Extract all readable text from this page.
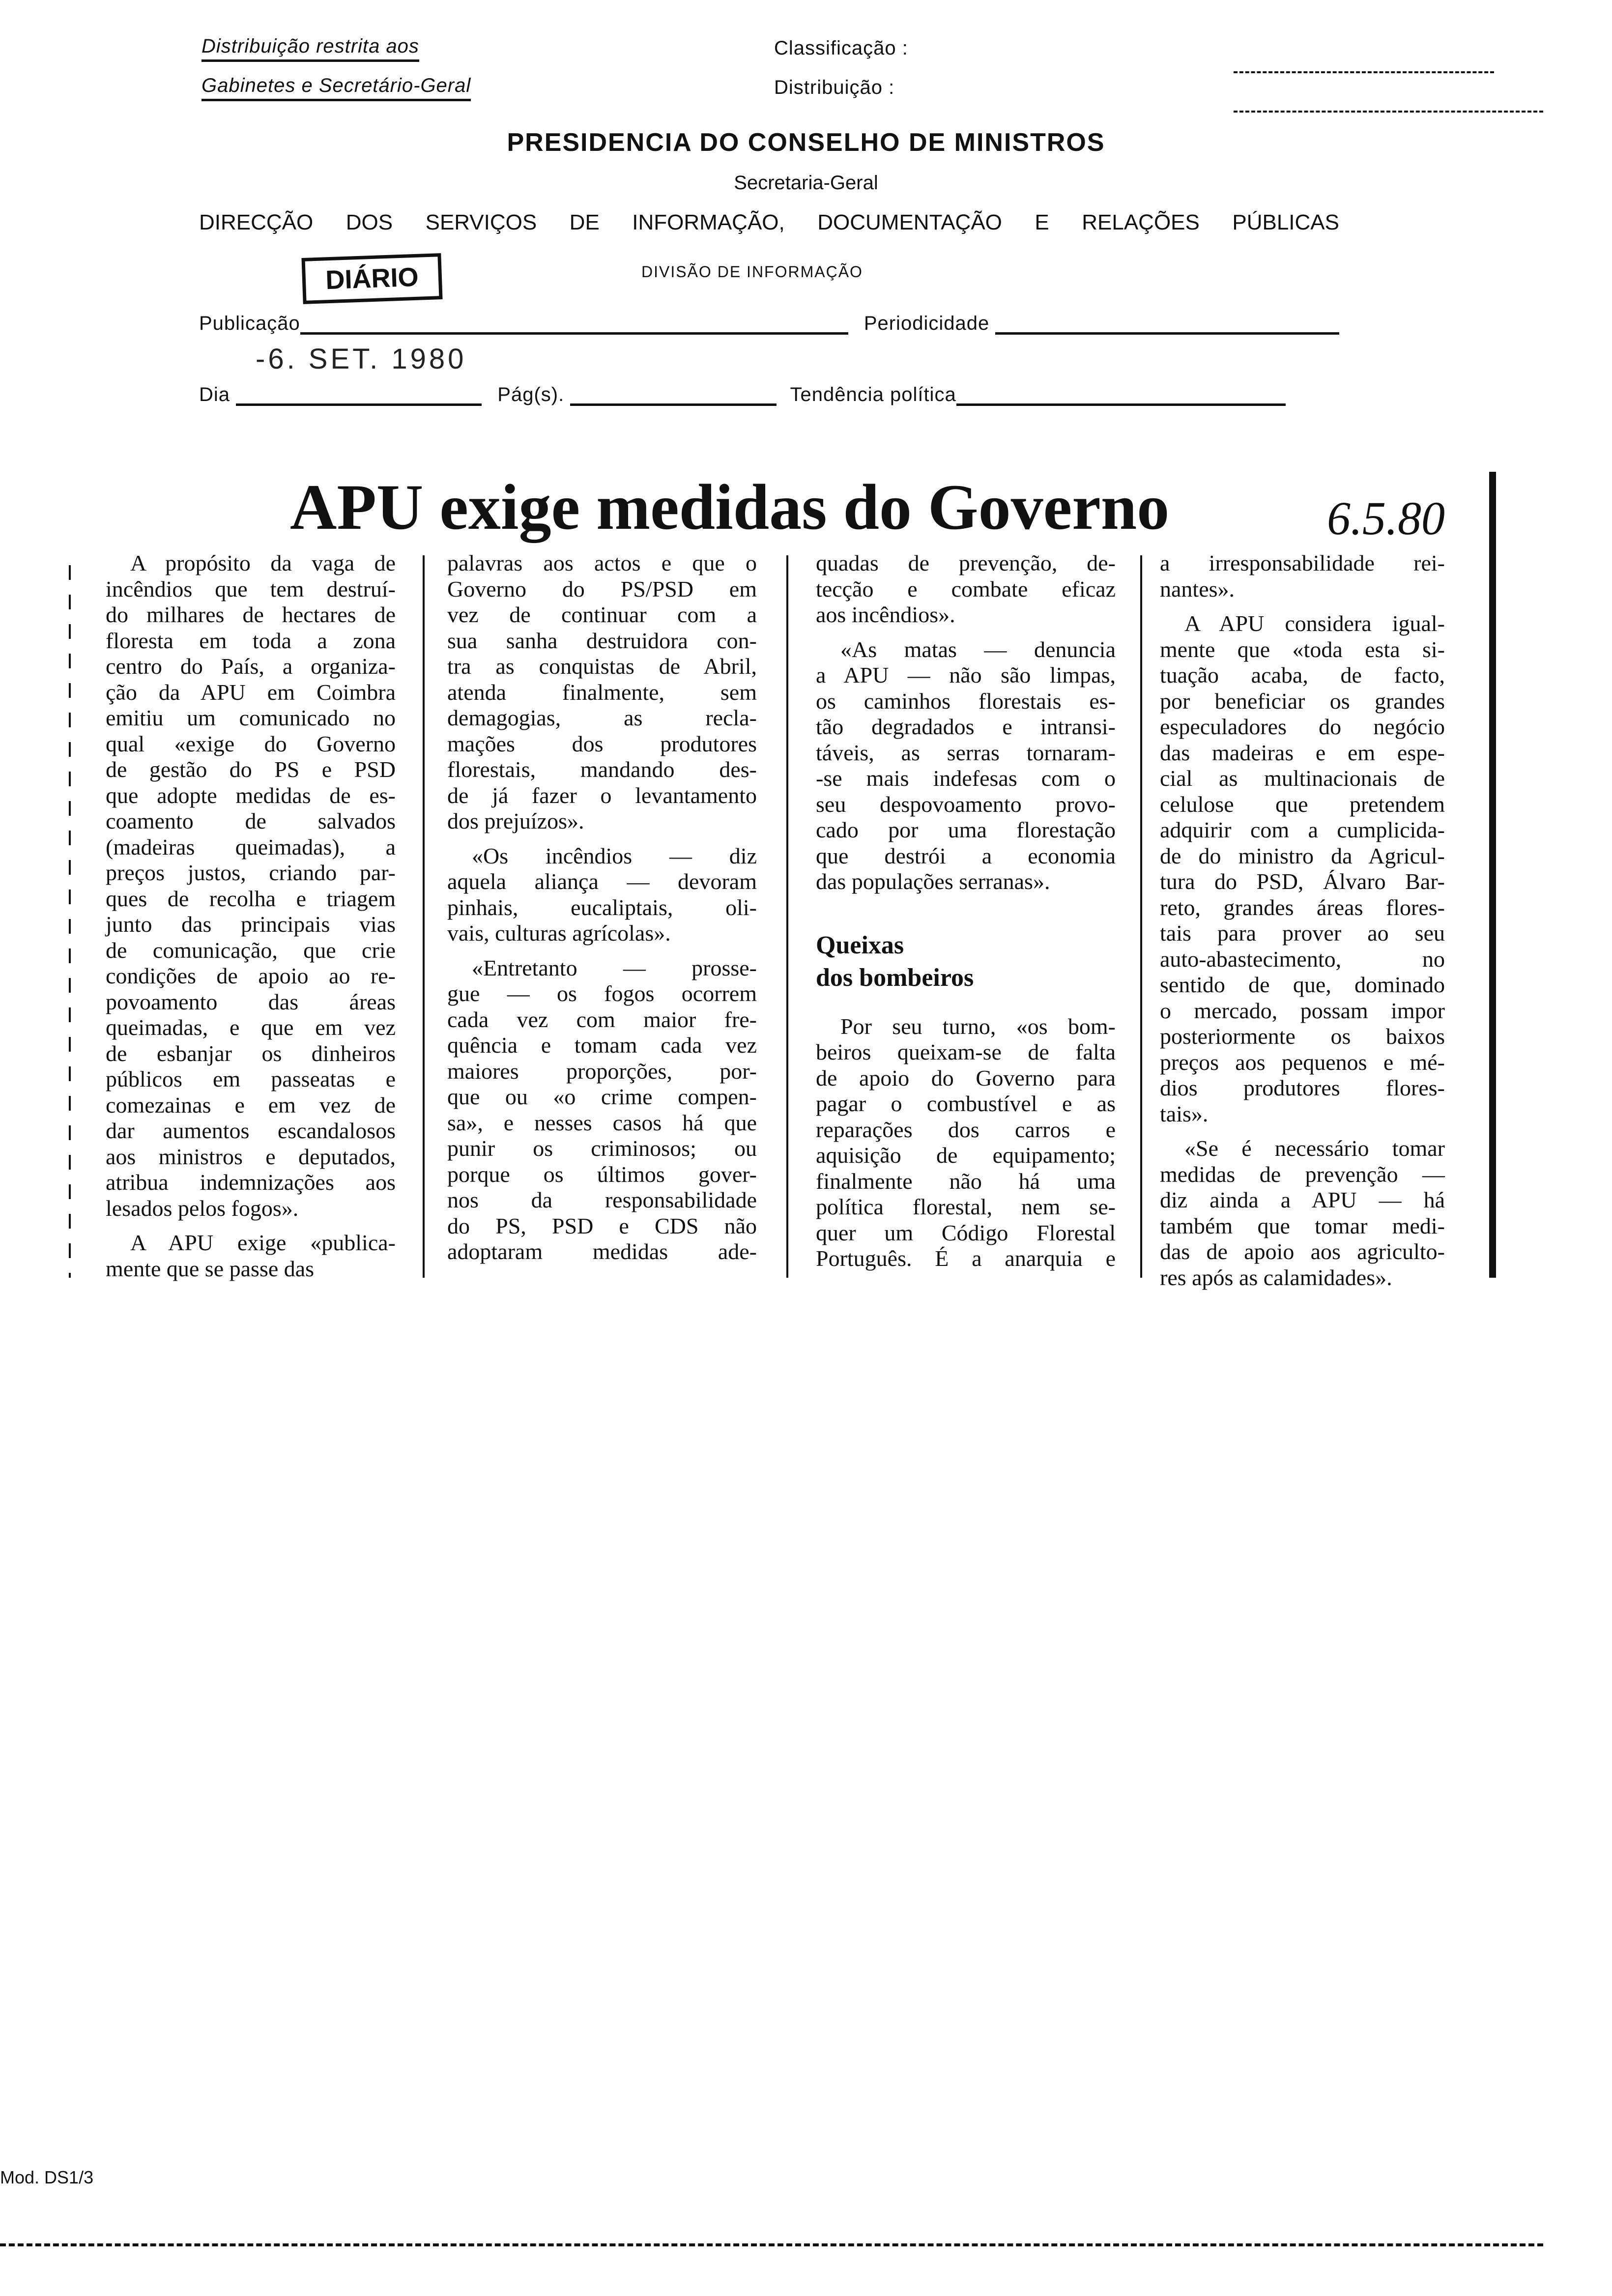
Distribuição restrita aos
Gabinetes e Secretário-Geral
Classificação :
Distribuição :
PRESIDENCIA DO CONSELHO DE MINISTROS
Secretaria-Geral
DIRECÇÃO DOS SERVIÇOS DE INFORMAÇÃO, DOCUMENTAÇÃO E RELAÇÕES PÚBLICAS
DIVISÃO DE INFORMAÇÃO
DIÁRIO
Publicação	Periodicidade
-6. SET. 1980
Dia	Pág(s).	Tendência política
APU exige medidas do Governo	6.5.80
A propósito da vaga de
incêndios que tem destruí-
do milhares de hectares de
floresta em toda a zona
centro do País, a organiza-
ção da APU em Coimbra
emitiu um comunicado no
qual «exige do Governo
de gestão do PS e PSD
que adopte medidas de es-
coamento de salvados
(madeiras queimadas), a
preços justos, criando par-
ques de recolha e triagem
junto das principais vias
de comunicação, que crie
condições de apoio ao re-
povoamento das áreas
queimadas, e que em vez
de esbanjar os dinheiros
públicos em passeatas e
comezainas e em vez de
dar aumentos escandalosos
aos ministros e deputados,
atribua indemnizações aos
lesados pelos fogos».
A APU exige «publica-
mente que se passe das
palavras aos actos e que o
Governo do PS/PSD em
vez de continuar com a
sua sanha destruidora con-
tra as conquistas de Abril,
atenda finalmente, sem
demagogias, as recla-
mações dos produtores
florestais, mandando des-
de já fazer o levantamento
dos prejuízos».
«Os incêndios — diz
aquela aliança — devoram
pinhais, eucaliptais, oli-
vais, culturas agrícolas».
«Entretanto — prosse-
gue — os fogos ocorrem
cada vez com maior fre-
quência e tomam cada vez
maiores proporções, por-
que ou «o crime compen-
sa», e nesses casos há que
punir os criminosos; ou
porque os últimos gover-
nos da responsabilidade
do PS, PSD e CDS não
adoptaram medidas ade-
quadas de prevenção, de-
tecção e combate eficaz
aos incêndios».
«As matas — denuncia
a APU — não são limpas,
os caminhos florestais es-
tão degradados e intransi-
táveis, as serras tornaram-
-se mais indefesas com o
seu despovoamento provo-
cado por uma florestação
que destrói a economia
das populações serranas».
Queixas
dos bombeiros
Por seu turno, «os bom-
beiros queixam-se de falta
de apoio do Governo para
pagar o combustível e as
reparações dos carros e
aquisição de equipamento;
finalmente não há uma
política florestal, nem se-
quer um Código Florestal
Português. É a anarquia e
a irresponsabilidade rei-
nantes».
A APU considera igual-
mente que «toda esta si-
tuação acaba, de facto,
por beneficiar os grandes
especuladores do negócio
das madeiras e em espe-
cial as multinacionais de
celulose que pretendem
adquirir com a cumplicida-
de do ministro da Agricul-
tura do PSD, Álvaro Bar-
reto, grandes áreas flores-
tais para prover ao seu
auto-abastecimento, no
sentido de que, dominado
o mercado, possam impor
posteriormente os baixos
preços aos pequenos e mé-
dios produtores flores-
tais».
«Se é necessário tomar
medidas de prevenção —
diz ainda a APU — há
também que tomar medi-
das de apoio aos agriculto-
res após as calamidades».
Mod. DS1/3
